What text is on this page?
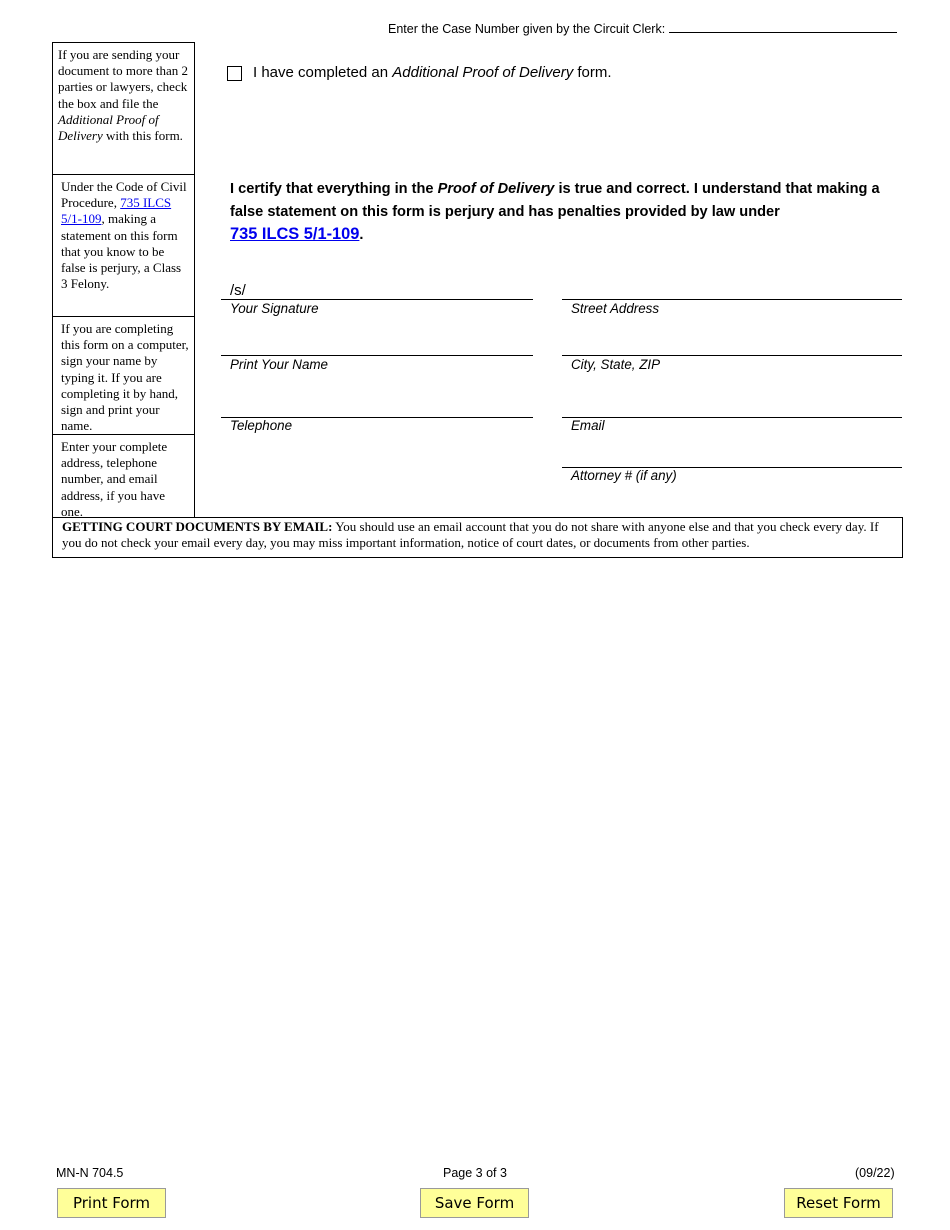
Enter the Case Number given by the Circuit Clerk:
If you are sending your document to more than 2 parties or lawyers, check the box and file the Additional Proof of Delivery with this form.
Under the Code of Civil Procedure, 735 ILCS 5/1-109, making a statement on this form that you know to be false is perjury, a Class 3 Felony.
If you are completing this form on a computer, sign your name by typing it. If you are completing it by hand, sign and print your name.
Enter your complete address, telephone number, and email address, if you have one.
I have completed an Additional Proof of Delivery form.
I certify that everything in the Proof of Delivery is true and correct. I understand that making a false statement on this form is perjury and has penalties provided by law under
735 ILCS 5/1-109.
/s/
Your Signature	Street Address
Print Your Name	City, State, ZIP
Telephone	Email
Attorney # (if any)
GETTING COURT DOCUMENTS BY EMAIL: You should use an email account that you do not share with anyone else and that you check every day. If you do not check your email every day, you may miss important information, notice of court dates, or documents from other parties.
MN-N 704.5	Page 3 of 3	(09/22)
Print Form	Save Form	Reset Form
